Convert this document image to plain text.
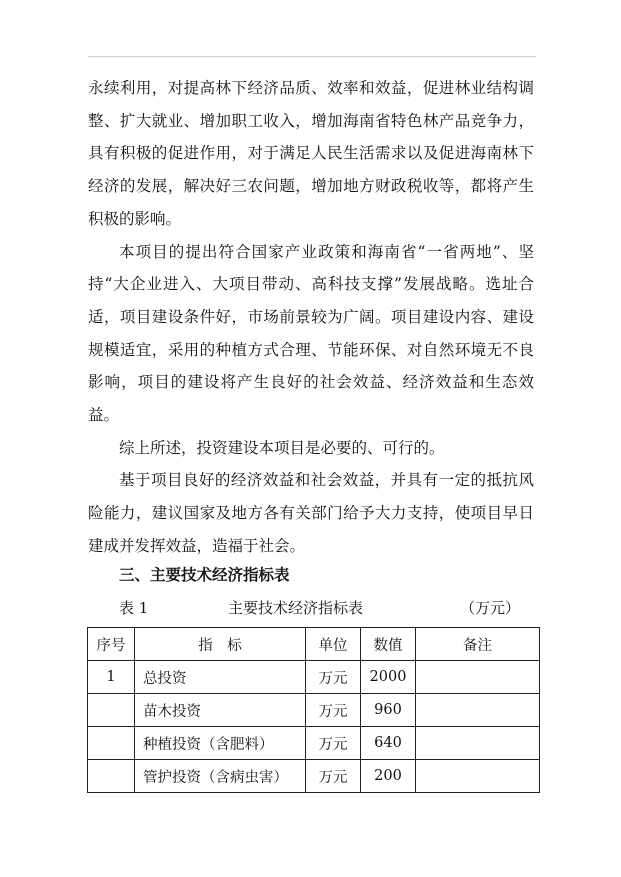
永续利用，对提高林下经济品质、效率和效益，促进林业结构调整、扩大就业、增加职工收入，增加海南省特色林产品竞争力，具有积极的促进作用，对于满足人民生活需求以及促进海南林下经济的发展，解决好三农问题，增加地方财政税收等，都将产生积极的影响。

本项目的提出符合国家产业政策和海南省“一省两地”、坚持“大企业进入、大项目带动、高科技支撑”发展战略。选址合适，项目建设条件好，市场前景较为广阔。项目建设内容、建设规模适宜，采用的种植方式合理、节能环保、对自然环境无不良影响，项目的建设将产生良好的社会效益、经济效益和生态效益。

综上所述，投资建设本项目是必要的、可行的。

基于项目良好的经济效益和社会效益，并具有一定的抵抗风险能力，建议国家及地方各有关部门给予大力支持，使项目早日建成并发挥效益，造福于社会。

三、主要技术经济指标表
表 1	主要技术经济指标表	（万元）
序号	指　标	单位	数值	备注
1	总投资	万元	2000	
	苗木投资	万元	960	
	种植投资（含肥料）	万元	640	
	管护投资（含病虫害）	万元	200	
